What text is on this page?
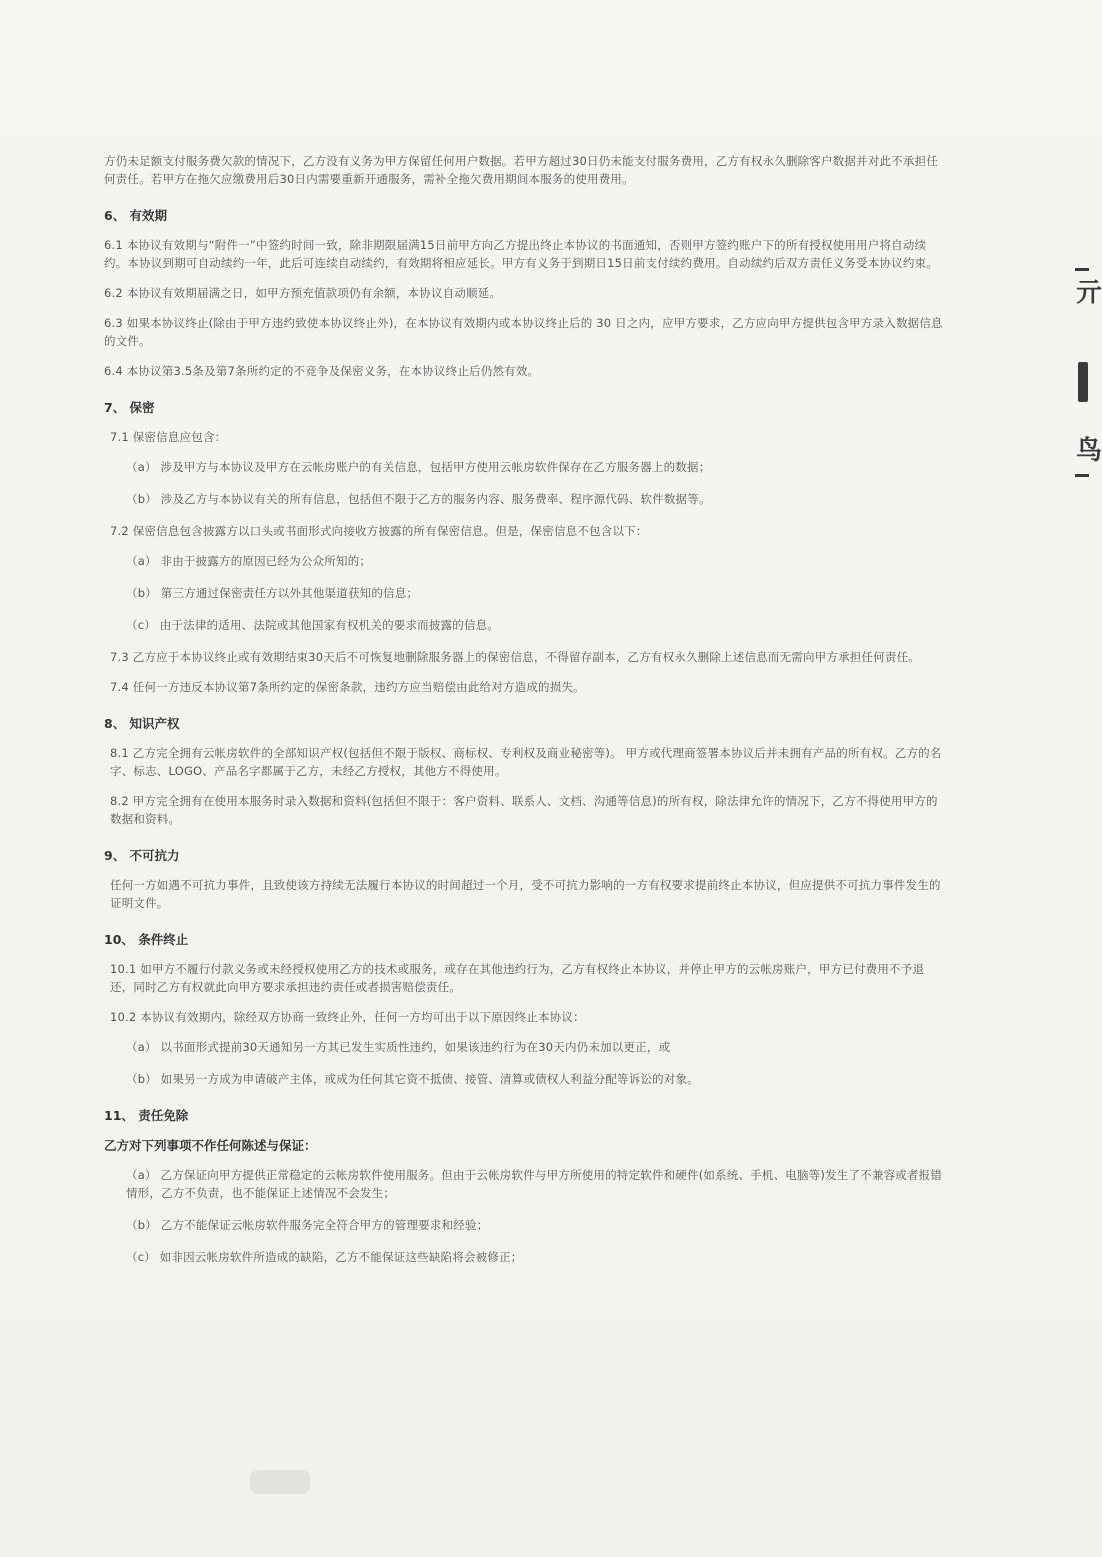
亓
鸟

方仍未足额支付服务费欠款的情况下，乙方没有义务为甲方保留任何用户数据。若甲方超过30日仍未能支付服务费用，乙方有权永久删除客户数据并对此不承担任何责任。若甲方在拖欠应缴费用后30日内需要重新开通服务，需补全拖欠费用期间本服务的使用费用。

6、 有效期

6.1 本协议有效期与“附件一”中签约时间一致，除非期限届满15日前甲方向乙方提出终止本协议的书面通知，否则甲方签约账户下的所有授权使用用户将自动续约。本协议到期可自动续约一年，此后可连续自动续约，有效期将相应延长。甲方有义务于到期日15日前支付续约费用。自动续约后双方责任义务受本协议约束。

6.2 本协议有效期届满之日，如甲方预充值款项仍有余额，本协议自动顺延。

6.3 如果本协议终止(除由于甲方违约致使本协议终止外)，在本协议有效期内或本协议终止后的 30 日之内，应甲方要求，乙方应向甲方提供包含甲方录入数据信息的文件。

6.4 本协议第3.5条及第7条所约定的不竞争及保密义务，在本协议终止后仍然有效。

7、 保密

7.1 保密信息应包含：

（a） 涉及甲方与本协议及甲方在云帐房账户的有关信息，包括甲方使用云帐房软件保存在乙方服务器上的数据；

（b） 涉及乙方与本协议有关的所有信息，包括但不限于乙方的服务内容、服务费率、程序源代码、软件数据等。

7.2 保密信息包含披露方以口头或书面形式向接收方披露的所有保密信息。但是，保密信息不包含以下：

（a） 非由于披露方的原因已经为公众所知的；

（b） 第三方通过保密责任方以外其他渠道获知的信息；

（c） 由于法律的适用、法院或其他国家有权机关的要求而披露的信息。

7.3 乙方应于本协议终止或有效期结束30天后不可恢复地删除服务器上的保密信息，不得留存副本，乙方有权永久删除上述信息而无需向甲方承担任何责任。

7.4 任何一方违反本协议第7条所约定的保密条款，违约方应当赔偿由此给对方造成的损失。

8、 知识产权

8.1 乙方完全拥有云帐房软件的全部知识产权(包括但不限于版权、商标权、专利权及商业秘密等)。 甲方或代理商签署本协议后并未拥有产品的所有权。乙方的名字、标志、LOGO、产品名字都属于乙方，未经乙方授权，其他方不得使用。

8.2 甲方完全拥有在使用本服务时录入数据和资料(包括但不限于：客户资料、联系人、文档、沟通等信息)的所有权，除法律允许的情况下，乙方不得使用甲方的数据和资料。

9、 不可抗力

任何一方如遇不可抗力事件，且致使该方持续无法履行本协议的时间超过一个月，受不可抗力影响的一方有权要求提前终止本协议，但应提供不可抗力事件发生的证明文件。

10、 条件终止

10.1 如甲方不履行付款义务或未经授权使用乙方的技术或服务，或存在其他违约行为，乙方有权终止本协议，并停止甲方的云帐房账户，甲方已付费用不予退还，同时乙方有权就此向甲方要求承担违约责任或者损害赔偿责任。

10.2 本协议有效期内，除经双方协商一致终止外，任何一方均可出于以下原因终止本协议：

（a） 以书面形式提前30天通知另一方其已发生实质性违约，如果该违约行为在30天内仍未加以更正，或

（b） 如果另一方成为申请破产主体，或成为任何其它资不抵债、接管、清算或债权人利益分配等诉讼的对象。

11、 责任免除
乙方对下列事项不作任何陈述与保证：

（a） 乙方保证向甲方提供正常稳定的云帐房软件使用服务。但由于云帐房软件与甲方所使用的特定软件和硬件(如系统、手机、电脑等)发生了不兼容或者报错情形，乙方不负责，也不能保证上述情况不会发生；

（b） 乙方不能保证云帐房软件服务完全符合甲方的管理要求和经验；

（c） 如非因云帐房软件所造成的缺陷，乙方不能保证这些缺陷将会被修正；
